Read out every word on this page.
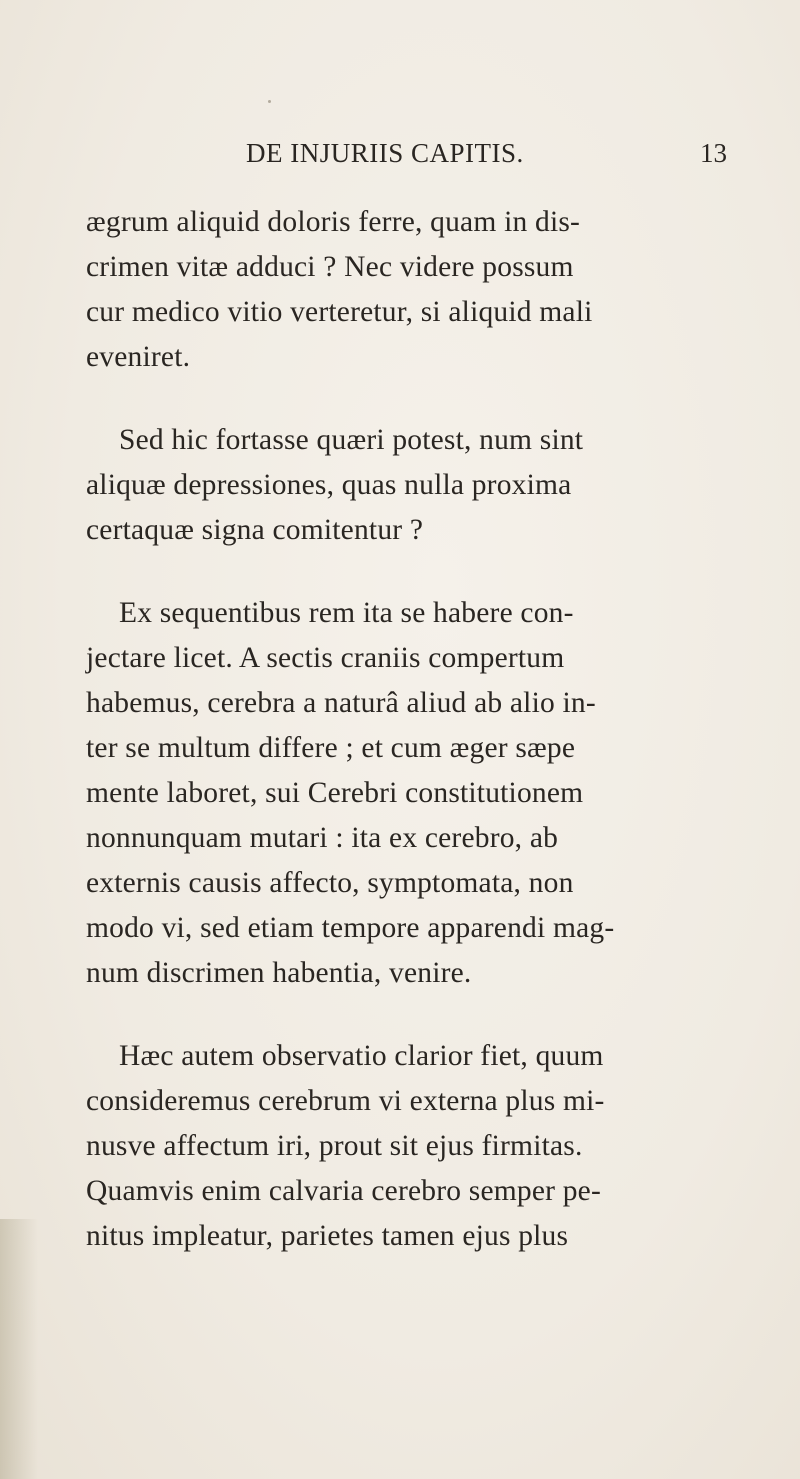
DE INJURIIS CAPITIS.	13

ægrum aliquid doloris ferre, quam in dis-
crimen vitæ adduci ? Nec videre possum
cur medico vitio verteretur, si aliquid mali
eveniret.

Sed hic fortasse quæri potest, num sint
aliquæ depressiones, quas nulla proxima
certaquæ signa comitentur ?

Ex sequentibus rem ita se habere con-
jectare licet. A sectis craniis compertum
habemus, cerebra a naturâ aliud ab alio in-
ter se multum differe ; et cum æger sæpe
mente laboret, sui Cerebri constitutionem
nonnunquam mutari : ita ex cerebro, ab
externis causis affecto, symptomata, non
modo vi, sed etiam tempore apparendi mag-
num discrimen habentia, venire.

Hæc autem observatio clarior fiet, quum
consideremus cerebrum vi externa plus mi-
nusve affectum iri, prout sit ejus firmitas.
Quamvis enim calvaria cerebro semper pe-
nitus impleatur, parietes tamen ejus plus
